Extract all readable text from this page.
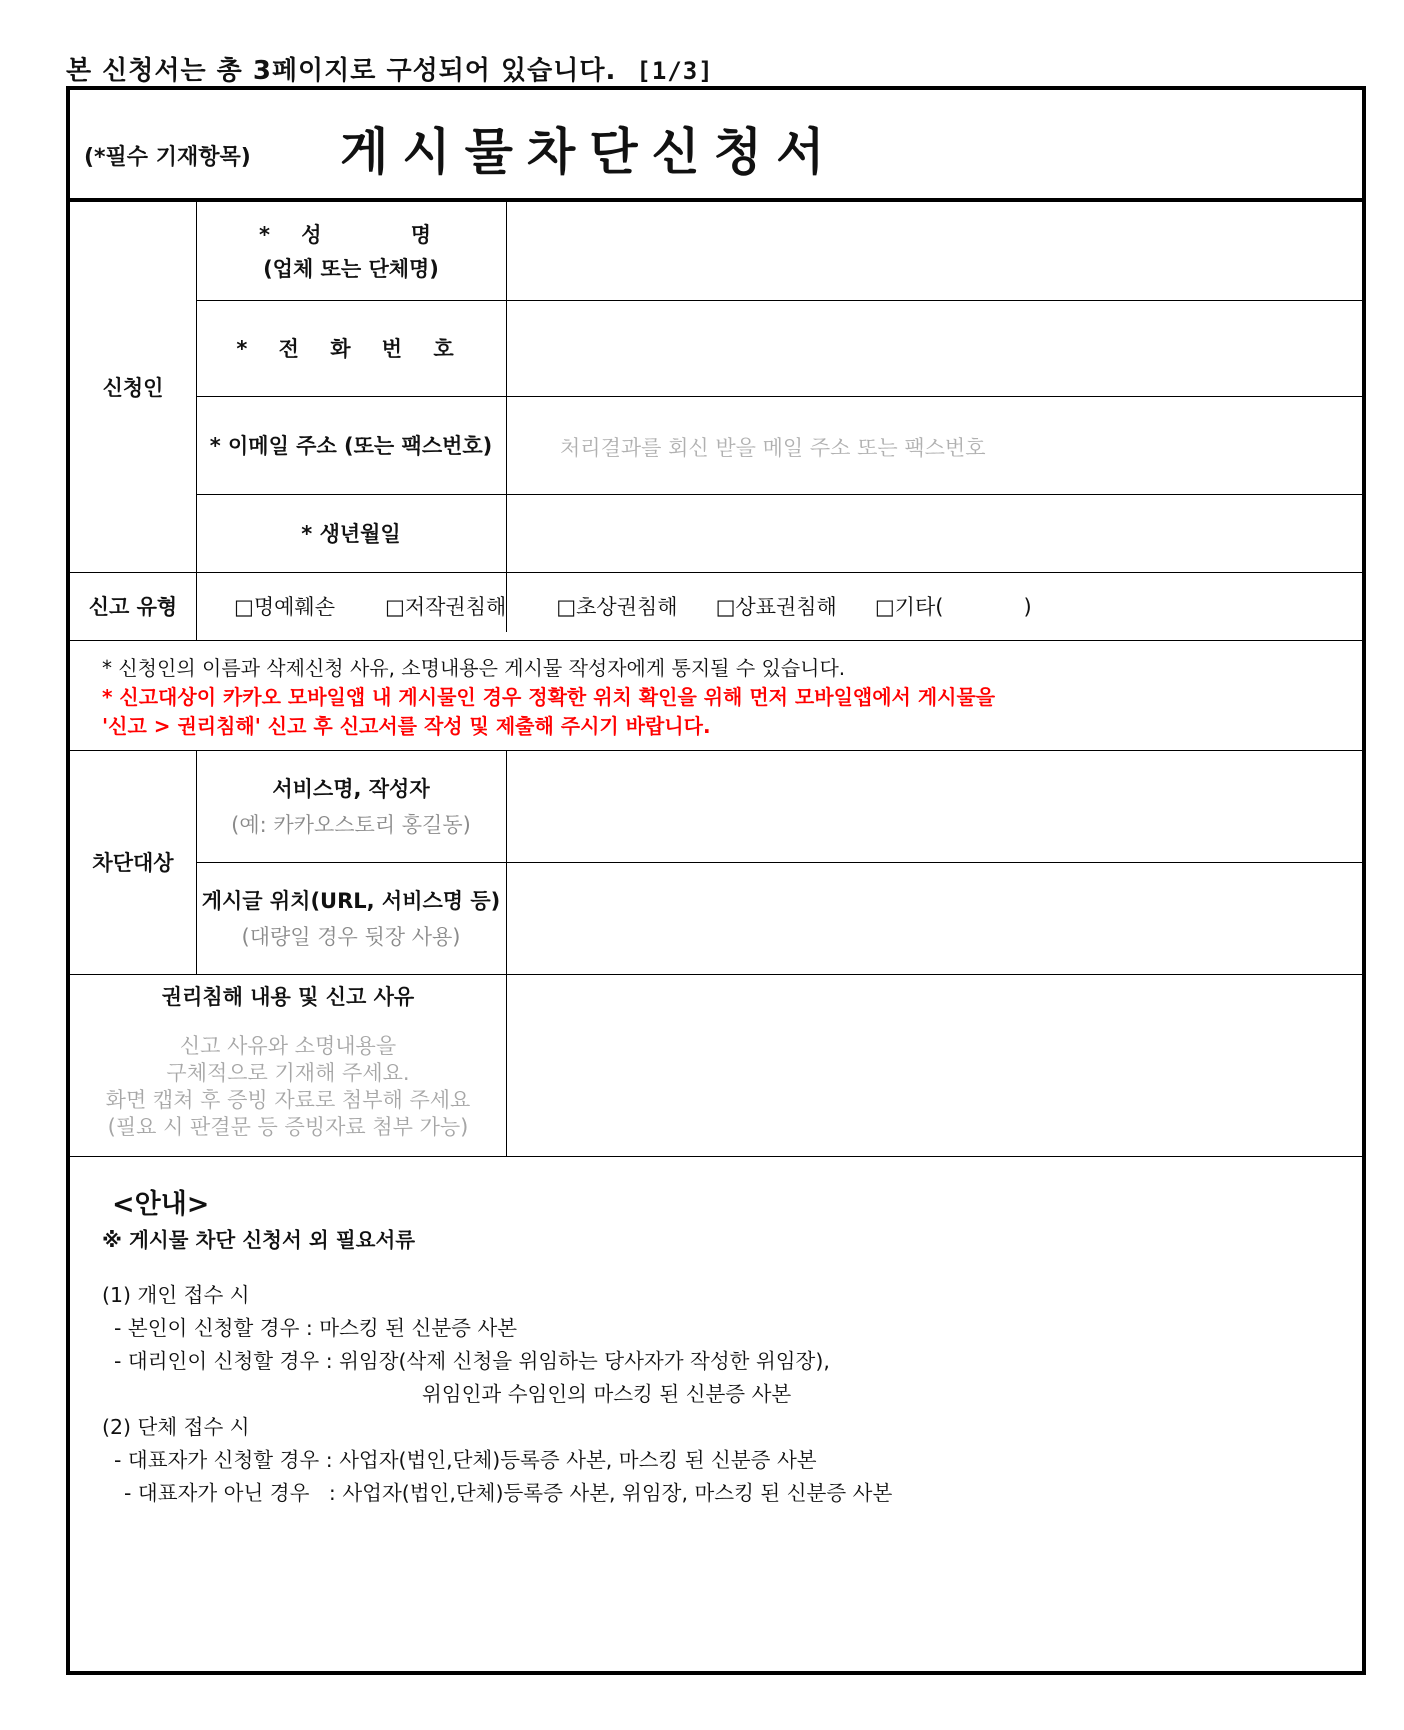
본 신청서는 총 3페이지로 구성되어 있습니다. [1/3]
(*필수 기재항목) 게시물차단신청서
신청인
* 성    명
(업체 또는 단체명)
* 전 화 번 호
* 이메일 주소 (또는 팩스번호)	처리결과를 회신 받을 메일 주소 또는 팩스번호
* 생년월일
신고 유형	□명예훼손 □저작권침해 □초상권침해 □상표권침해 □기타(            )
* 신청인의 이름과 삭제신청 사유, 소명내용은 게시물 작성자에게 통지될 수 있습니다.
* 신고대상이 카카오 모바일앱 내 게시물인 경우 정확한 위치 확인을 위해 먼저 모바일앱에서 게시물을
'신고 > 권리침해' 신고 후 신고서를 작성 및 제출해 주시기 바랍니다.
차단대상
서비스명, 작성자
(예: 카카오스토리 홍길동)
게시글 위치(URL, 서비스명 등)
(대량일 경우 뒷장 사용)
권리침해 내용 및 신고 사유
신고 사유와 소명내용을
구체적으로 기재해 주세요.
화면 캡쳐 후 증빙 자료로 첨부해 주세요
(필요 시 판결문 등 증빙자료 첨부 가능)
<안내>
※ 게시물 차단 신청서 외 필요서류
(1) 개인 접수 시
- 본인이 신청할 경우 : 마스킹 된 신분증 사본
- 대리인이 신청할 경우 : 위임장(삭제 신청을 위임하는 당사자가 작성한 위임장),
위임인과 수임인의 마스킹 된 신분증 사본
(2) 단체 접수 시
- 대표자가 신청할 경우 : 사업자(법인,단체)등록증 사본, 마스킹 된 신분증 사본
- 대표자가 아닌 경우   : 사업자(법인,단체)등록증 사본, 위임장, 마스킹 된 신분증 사본
